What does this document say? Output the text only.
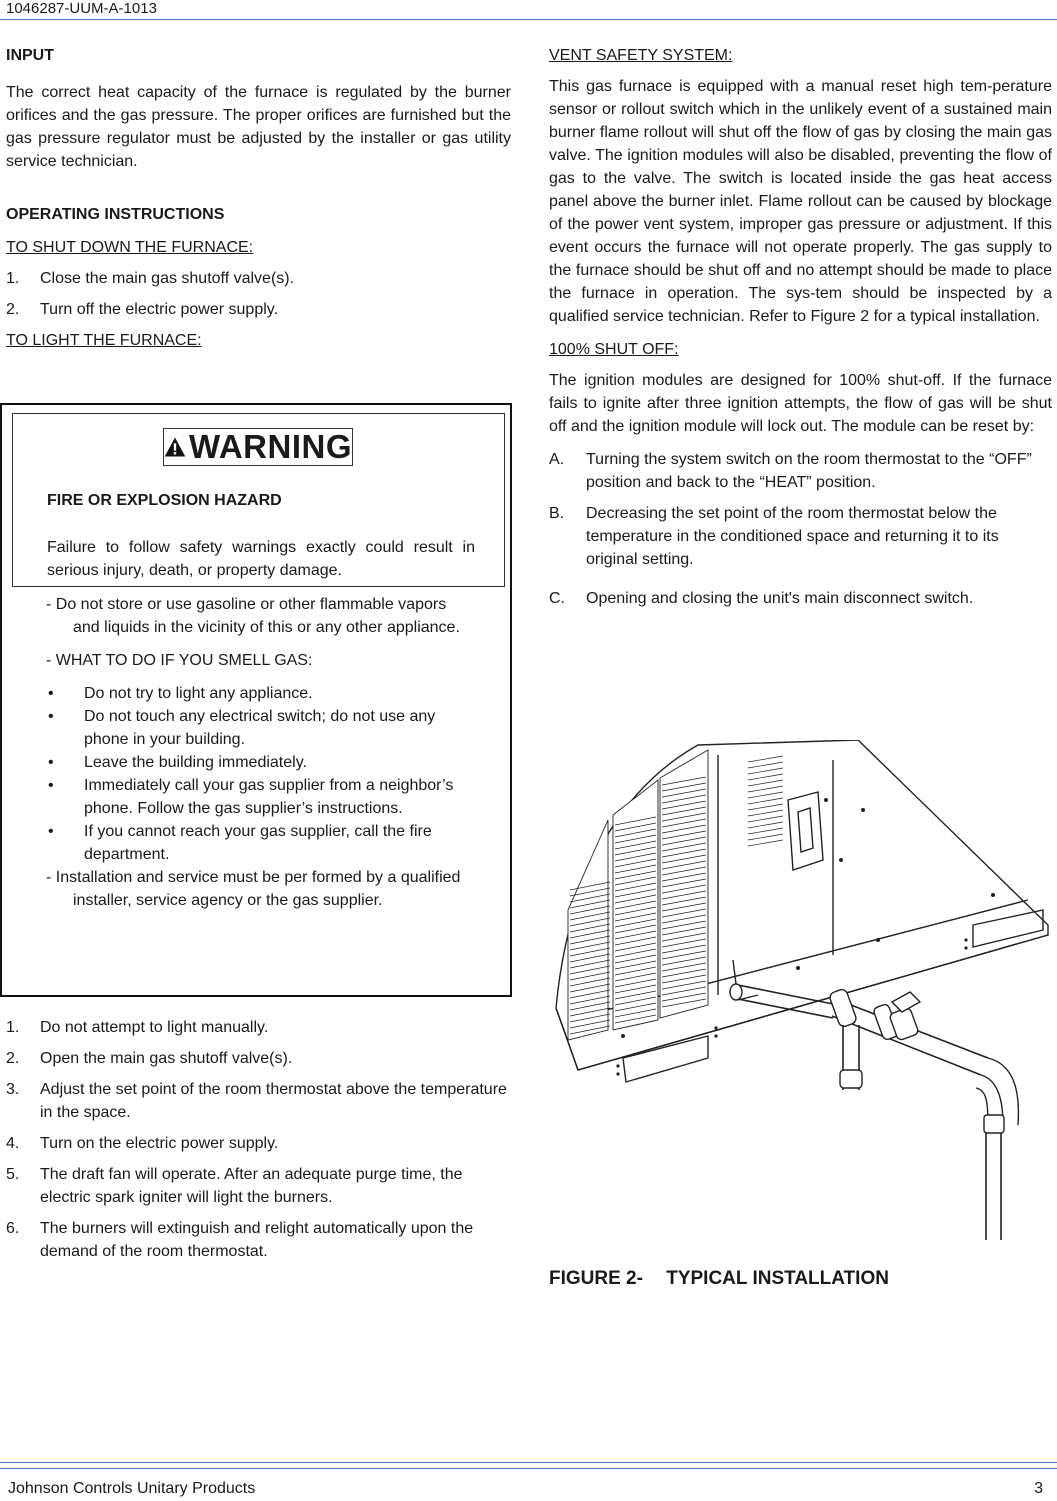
1046287-UUM-A-1013

INPUT

The correct heat capacity of the furnace is regulated by the burner orifices and the gas pressure. The proper orifices are furnished but the gas pressure regulator must be adjusted by the installer or gas utility service technician.

OPERATING INSTRUCTIONS

TO SHUT DOWN THE FURNACE:

1. Close the main gas shutoff valve(s).

2. Turn off the electric power supply.

TO LIGHT THE FURNACE:

WARNING
FIRE OR EXPLOSION HAZARD
Failure to follow safety warnings exactly could result in serious injury, death, or property damage.

- Do not store or use gasoline or other flammable vapors and liquids in the vicinity of this or any other appliance.

- WHAT TO DO IF YOU SMELL GAS:

• Do not try to light any appliance.

• Do not touch any electrical switch; do not use any phone in your building.

• Leave the building immediately.

• Immediately call your gas supplier from a neighbor’s phone. Follow the gas supplier’s instructions.

• If you cannot reach your gas supplier, call the fire department.

- Installation and service must be per formed by a qualified installer, service agency or the gas supplier.

1. Do not attempt to light manually.

2. Open the main gas shutoff valve(s).

3. Adjust the set point of the room thermostat above the temperature in the space.

4. Turn on the electric power supply.

5. The draft fan will operate. After an adequate purge time, the electric spark igniter will light the burners.

6. The burners will extinguish and relight automatically upon the demand of the room thermostat.

VENT SAFETY SYSTEM:

This gas furnace is equipped with a manual reset high tem-perature sensor or rollout switch which in the unlikely event of a sustained main burner flame rollout will shut off the flow of gas by closing the main gas valve. The ignition modules will also be disabled, preventing the flow of gas to the valve. The switch is located inside the gas heat access panel above the burner inlet. Flame rollout can be caused by blockage of the power vent system, improper gas pressure or adjustment. If this event occurs the furnace will not operate properly. The gas supply to the furnace should be shut off and no attempt should be made to place the furnace in operation. The sys-tem should be inspected by a qualified service technician. Refer to Figure 2 for a typical installation.

100% SHUT OFF:

The ignition modules are designed for 100% shut-off. If the furnace fails to ignite after three ignition attempts, the flow of gas will be shut off and the ignition module will lock out. The module can be reset by:

A. Turning the system switch on the room thermostat to the “OFF” position and back to the “HEAT” position.

B. Decreasing the set point of the room thermostat below the temperature in the conditioned space and returning it to its original setting.

C. Opening and closing the unit's main disconnect switch.

FIGURE 2- TYPICAL INSTALLATION
Johnson Controls Unitary Products	3
